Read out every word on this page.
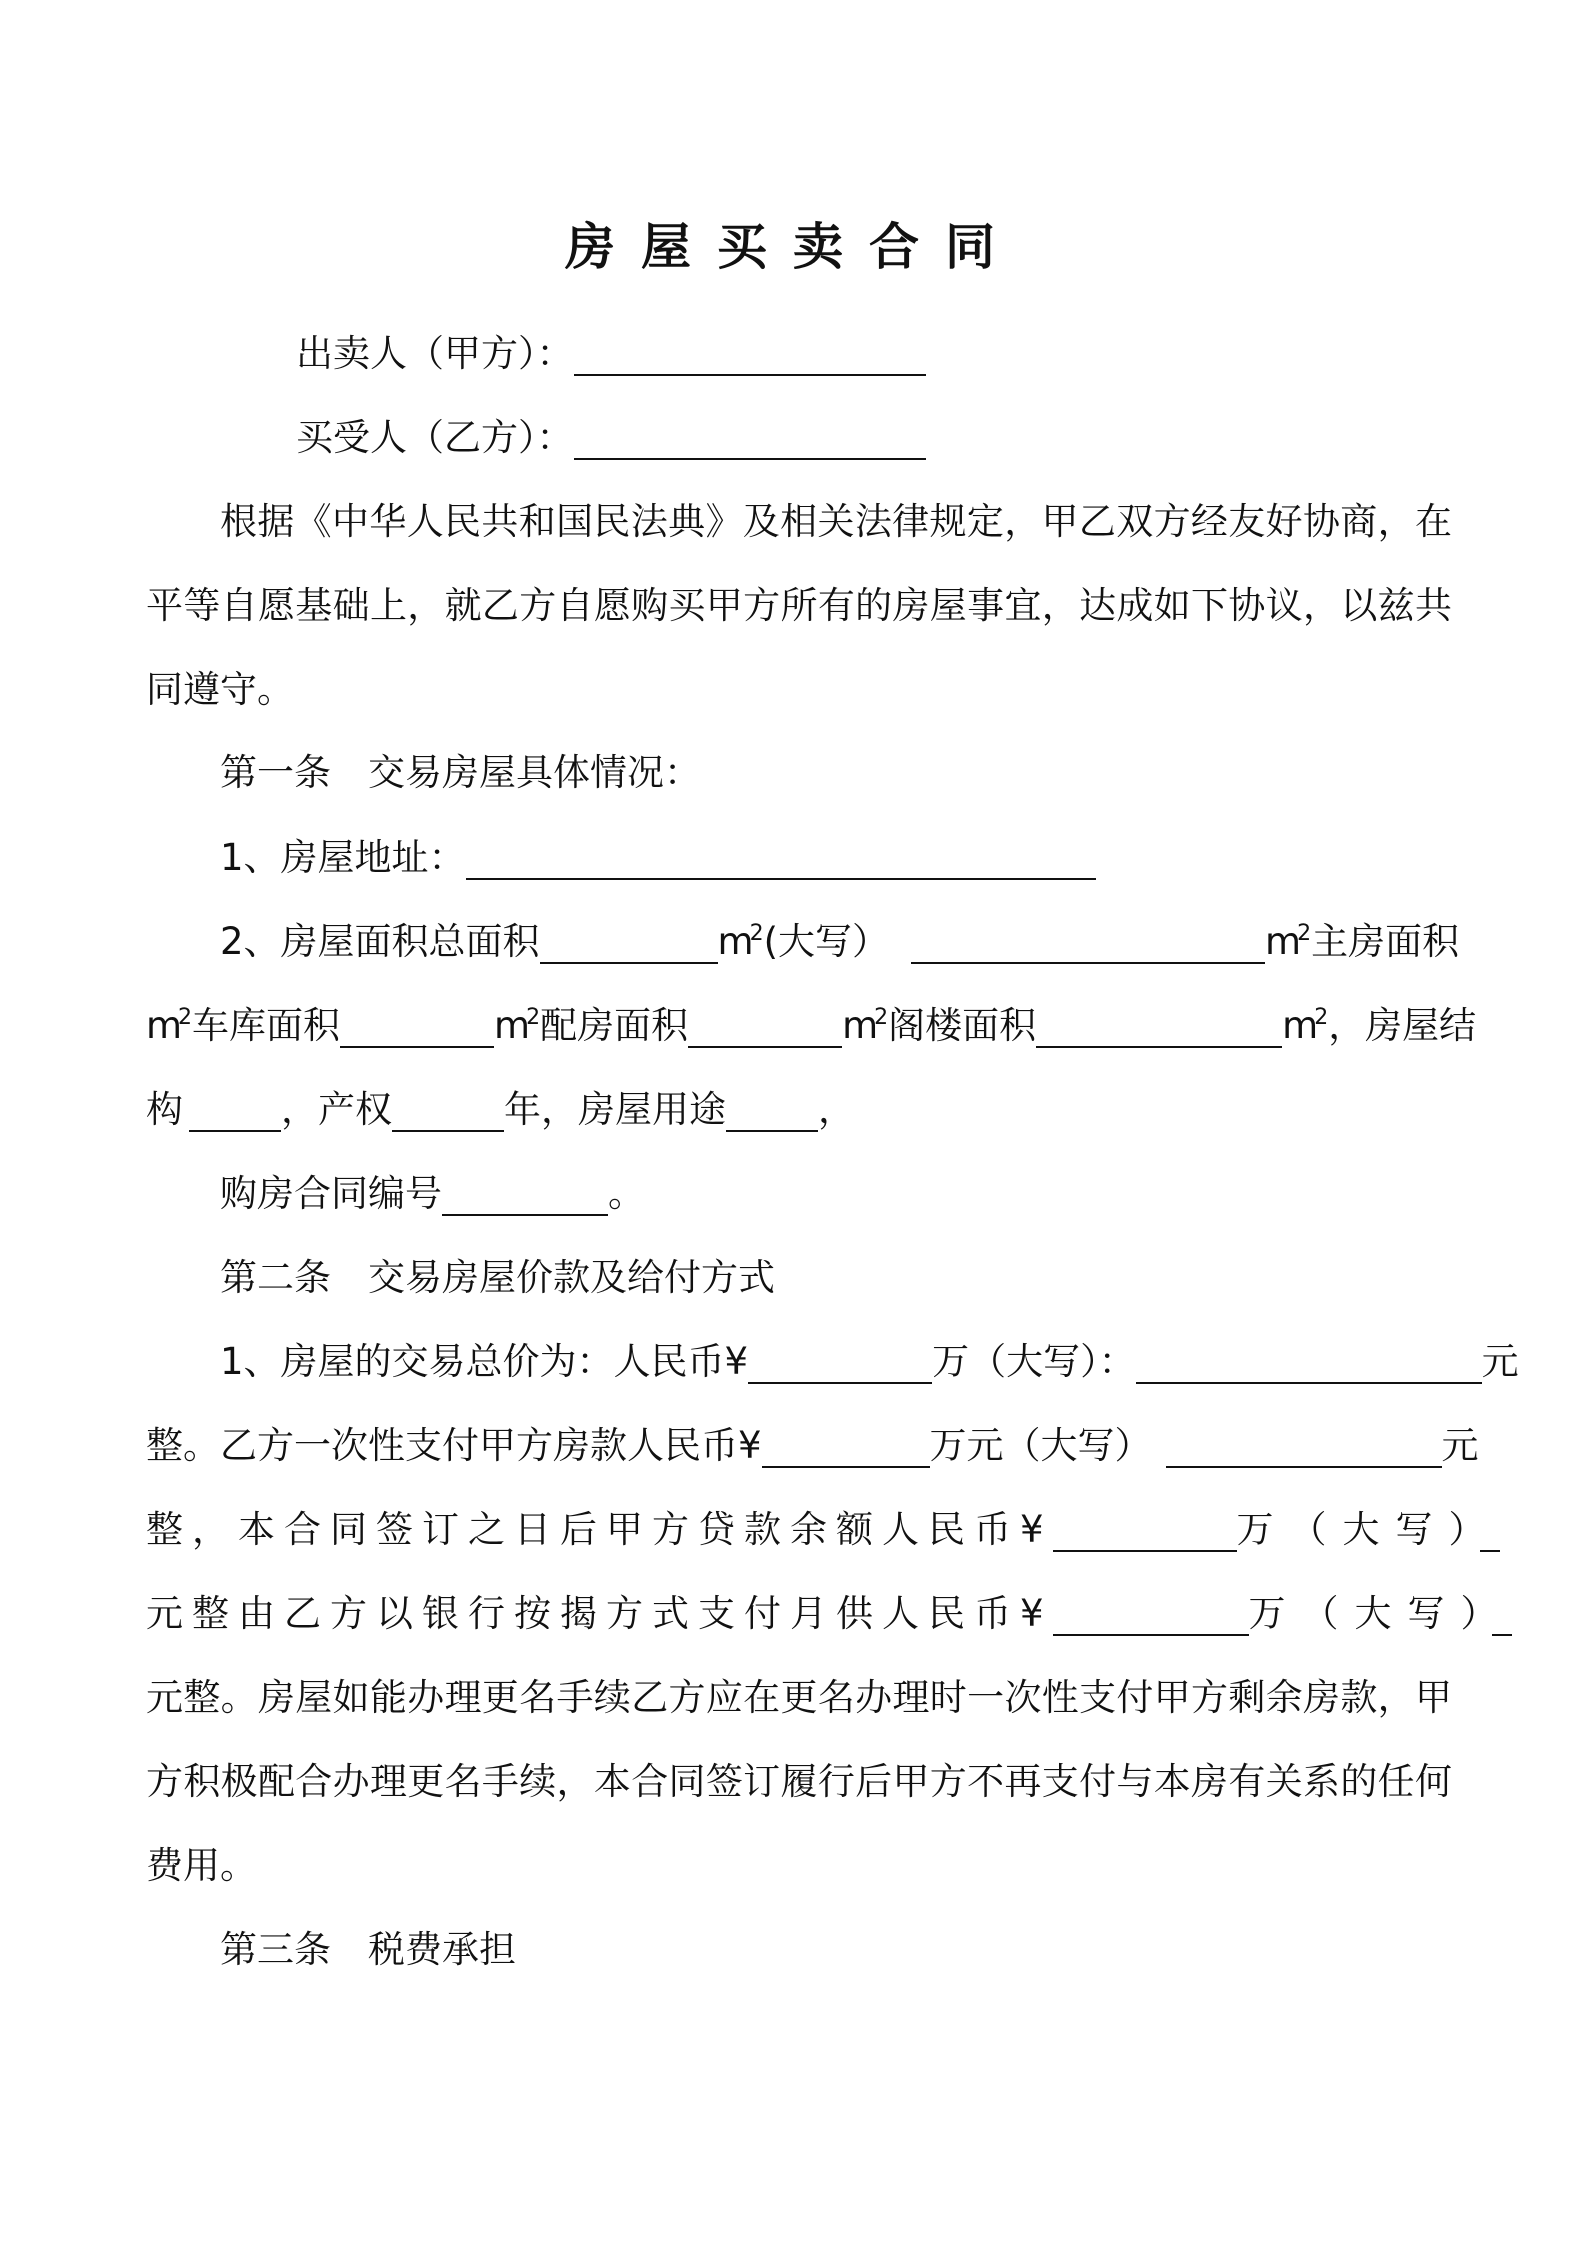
房屋买卖合同
出卖人（甲方）：
买受人（乙方）：
根据《中华人民共和国民法典》及相关法律规定，甲乙双方经友好协商，在
平等自愿基础上，就乙方自愿购买甲方所有的房屋事宜，达成如下协议，以兹共
同遵守。
第一条　交易房屋具体情况：
1、房屋地址：
2、房屋面积总面积	$m^2$(大写）	$m^2$主房面积
$m^2$车库面积	$m^2$配房面积	$m^2$阁楼面积	$m^2$，房屋结
构	，产权	年，房屋用途 ，
购房合同编号	。
第二条　交易房屋价款及给付方式
1、房屋的交易总价为：人民币¥	万（大写）：	元
整。乙方一次性支付甲方房款人民币¥	万元（大写）	元
整，本合同签订之日后甲方贷款余额人民币¥	万（大写）
元整由乙方以银行按揭方式支付月供人民币¥	万（大写）
元整。房屋如能办理更名手续乙方应在更名办理时一次性支付甲方剩余房款，甲
方积极配合办理更名手续，本合同签订履行后甲方不再支付与本房有关系的任何
费用。
第三条　税费承担
